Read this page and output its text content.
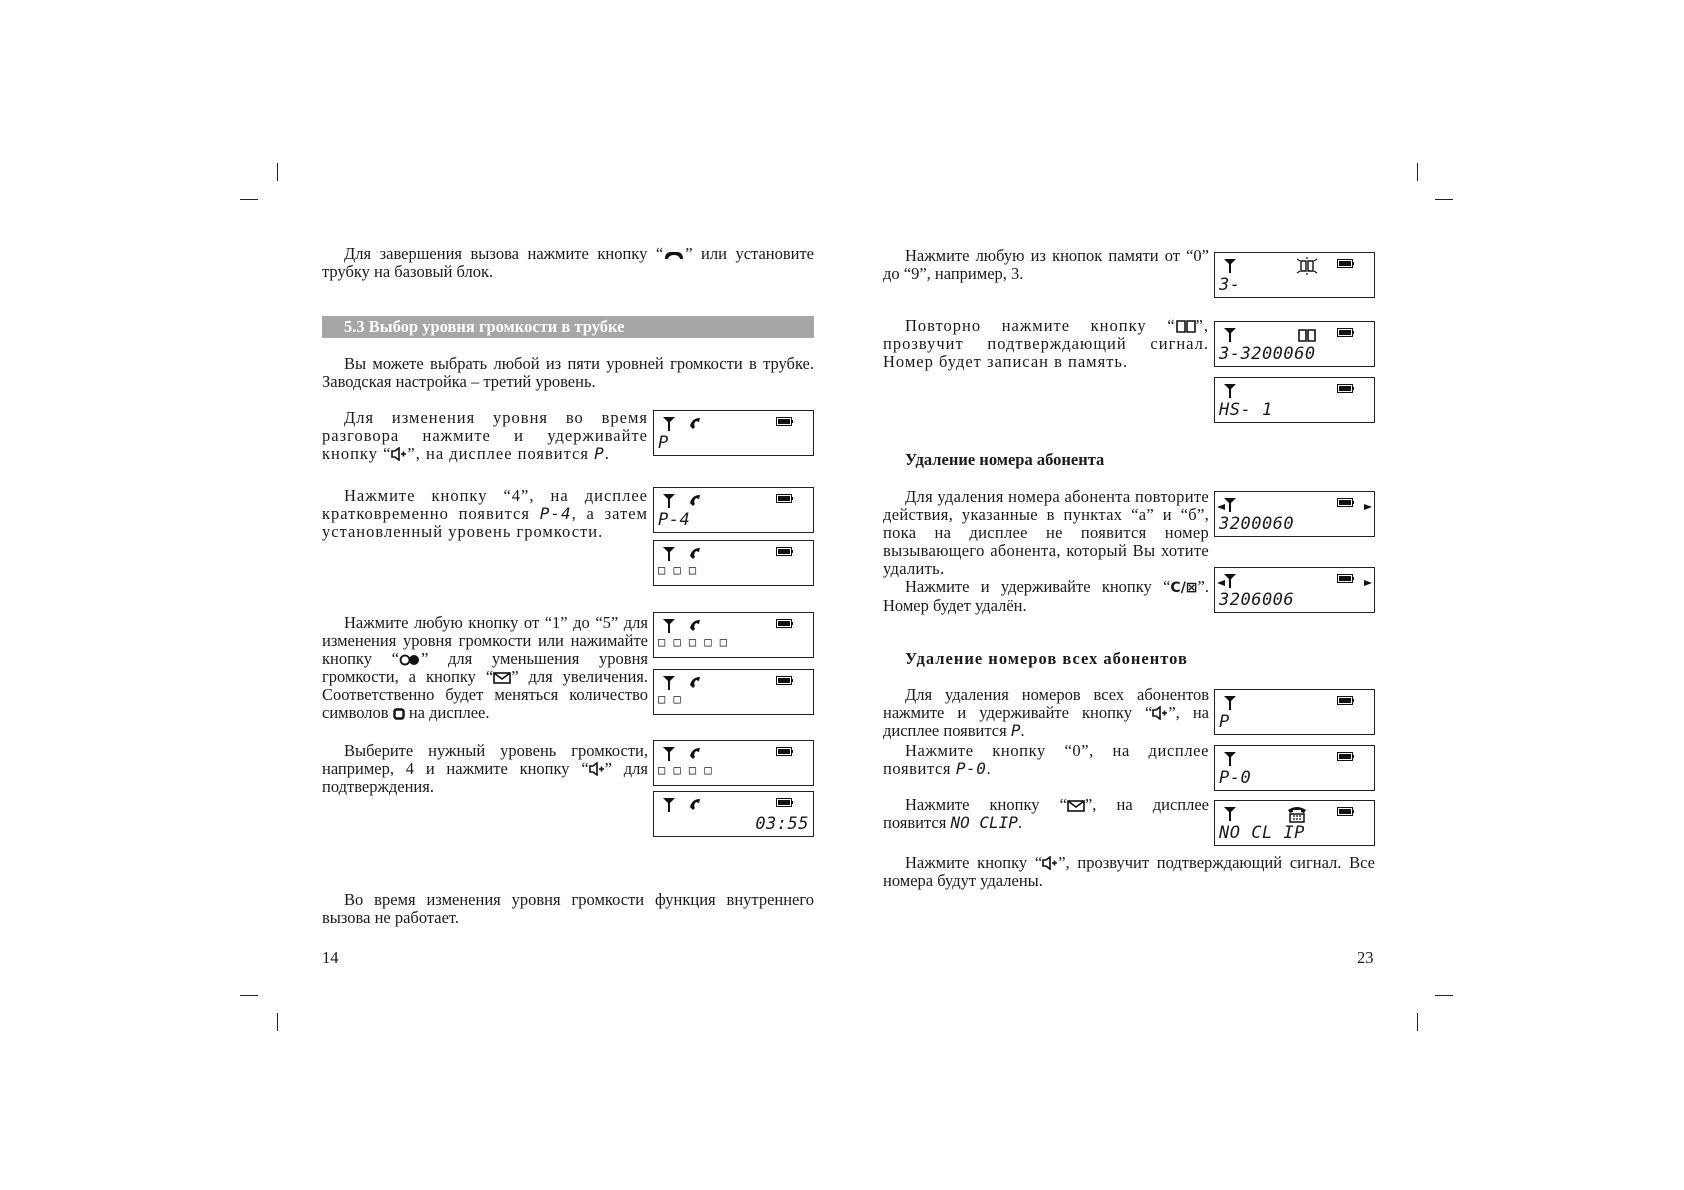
Для завершения вызова нажмите кнопку “ ” или установите трубку на базовый блок.

5.3 Выбор уровня громкости в трубке

Вы можете выбрать любой из пяти уровней громкости в трубке. Заводская настройка – третий уровень.

Для изменения уровня во время разговора нажмите и удерживайте кнопку “ ”, на дисплее появится P.

Нажмите кнопку “4”, на дисплее кратковременно появится P-4, а затем установленный уровень громкости.

Нажмите любую кнопку от “1” до “5” для изменения уровня громкости или нажимайте кнопку “ ” для уменьшения уровня громкости, а кнопку “ ” для увеличения. Соответственно будет меняться количество символов  на дисплее.

Выберите нужный уровень громкости, например, 4 и нажмите кнопку “ ” для подтверждения.

Во время изменения уровня громкости функция внутреннего вызова не работает.

14
P
P-4
□ □ □
□ □ □ □ □
□ □
□ □ □ □
03:55

Нажмите любую из кнопок памяти от “0” до “9”, например, 3.

Повторно нажмите кнопку “ ”, прозвучит подтверждающий сигнал. Номер будет записан в память.

Удаление номера абонента

Для удаления номера абонента повторите действия, указанные в пунктах “а” и “б”, пока на дисплее не появится номер вызывающего абонента, который Вы хотите удалить.

Нажмите и удерживайте кнопку “C/⊠”. Номер будет удалён.

Удаление номеров всех абонентов

Для удаления номеров всех абонентов нажмите и удерживайте кнопку “ ”, на дисплее появится P.

Нажмите кнопку “0”, на дисплее появится P-0.

Нажмите кнопку “ ”, на дисплее появится NO CLIP.

Нажмите кнопку “ ”, прозвучит подтверждающий сигнал. Все номера будут удалены.

23
3-
3-3200060
HS- 1
3200060
3206006
P
P-0
NO CL IP
